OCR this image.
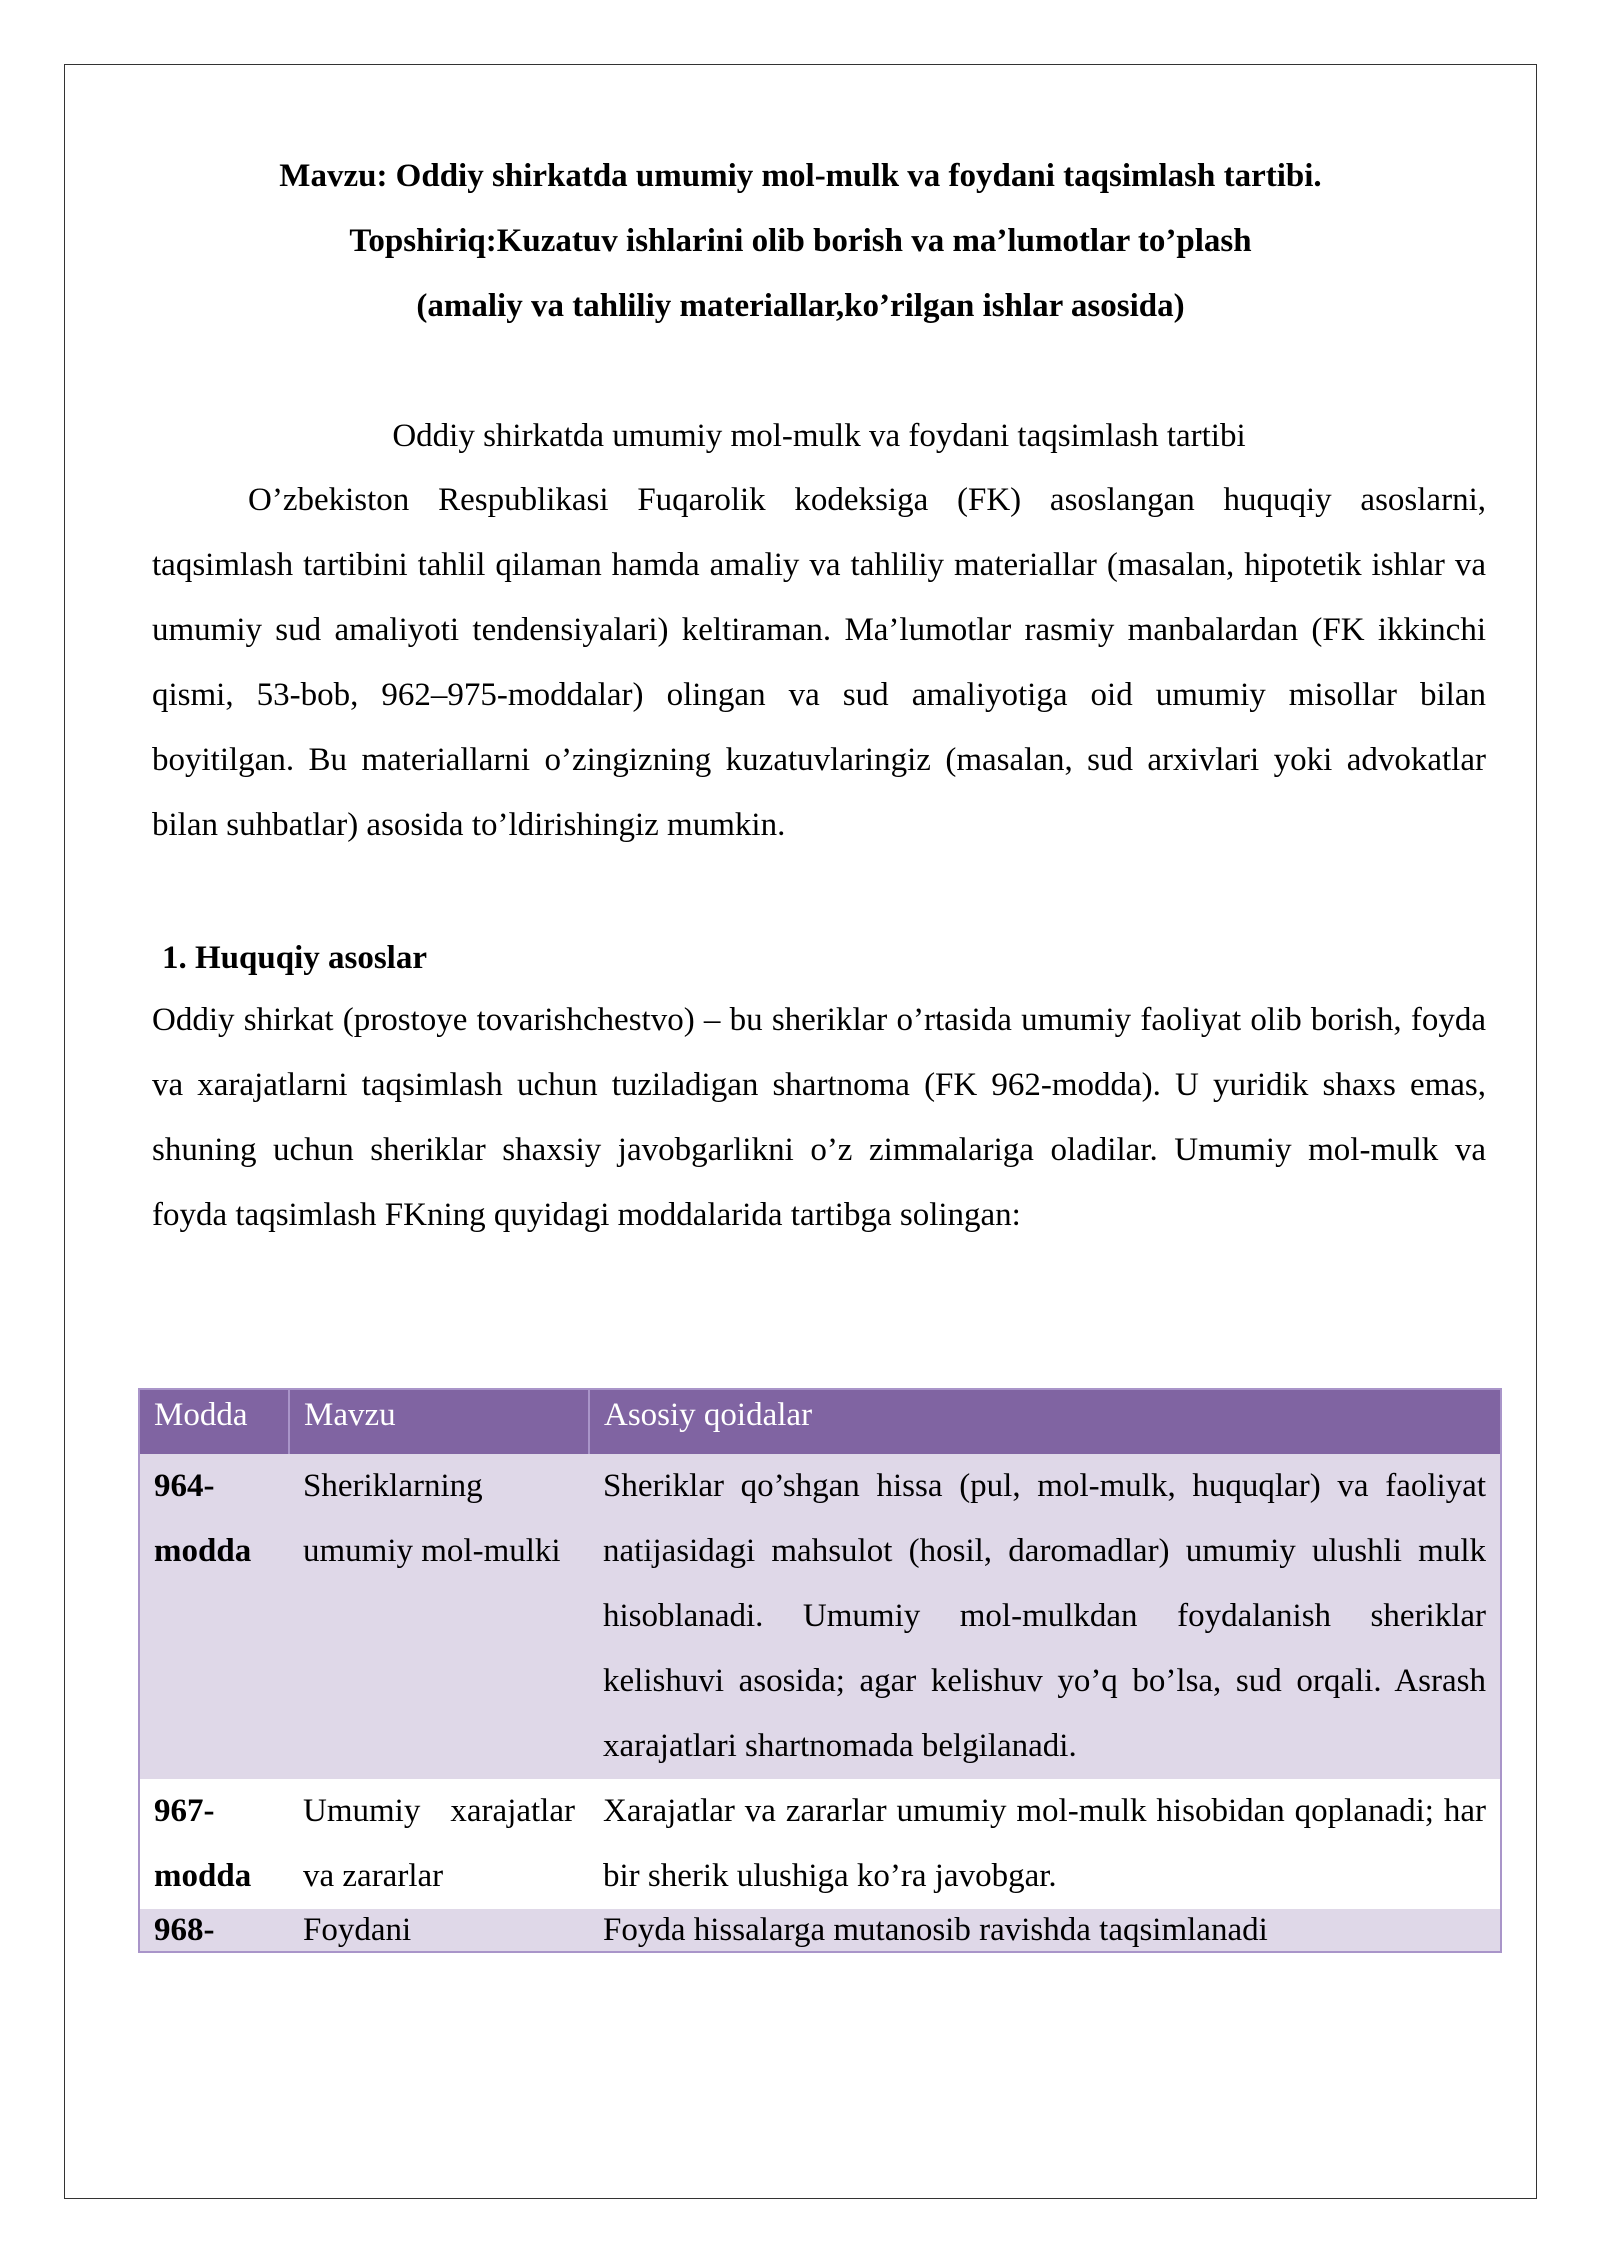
Mavzu: Oddiy shirkatda umumiy mol-mulk va foydani taqsimlash tartibi.
Topshiriq:Kuzatuv ishlarini olib borish va ma’lumotlar to’plash
(amaliy va tahliliy materiallar,ko’rilgan ishlar asosida)
Oddiy shirkatda umumiy mol-mulk va foydani taqsimlash tartibi
O’zbekiston Respublikasi Fuqarolik kodeksiga (FK) asoslangan huquqiy asoslarni, taqsimlash tartibini tahlil qilaman hamda amaliy va tahliliy materiallar (masalan, hipotetik ishlar va umumiy sud amaliyoti tendensiyalari) keltiraman. Ma’lumotlar rasmiy manbalardan (FK ikkinchi qismi, 53-bob, 962–975-moddalar) olingan va sud amaliyotiga oid umumiy misollar bilan boyitilgan. Bu materiallarni o’zingizning kuzatuvlaringiz (masalan, sud arxivlari yoki advokatlar bilan suhbatlar) asosida to’ldirishingiz mumkin.
1. Huquqiy asoslar
Oddiy shirkat (prostoye tovarishchestvo) – bu sheriklar o’rtasida umumiy faoliyat olib borish, foyda va xarajatlarni taqsimlash uchun tuziladigan shartnoma (FK 962-modda). U yuridik shaxs emas, shuning uchun sheriklar shaxsiy javobgarlikni o’z zimmalariga oladilar. Umumiy mol-mulk va foyda taqsimlash FKning quyidagi moddalarida tartibga solingan:
Modda	Mavzu	Asosiy qoidalar
964-modda	Sheriklarning umumiy mol-mulki	Sheriklar qo’shgan hissa (pul, mol-mulk, huquqlar) va faoliyat natijasidagi mahsulot (hosil, daromadlar) umumiy ulushli mulk hisoblanadi. Umumiy mol-mulkdan foydalanish sheriklar kelishuvi asosida; agar kelishuv yo’q bo’lsa, sud orqali. Asrash xarajatlari shartnomada belgilanadi.
967-modda	Umumiy xarajatlar va zararlar	Xarajatlar va zararlar umumiy mol-mulk hisobidan qoplanadi; har bir sherik ulushiga ko’ra javobgar.
968-	Foydani	Foyda hissalarga mutanosib ravishda taqsimlanadi
